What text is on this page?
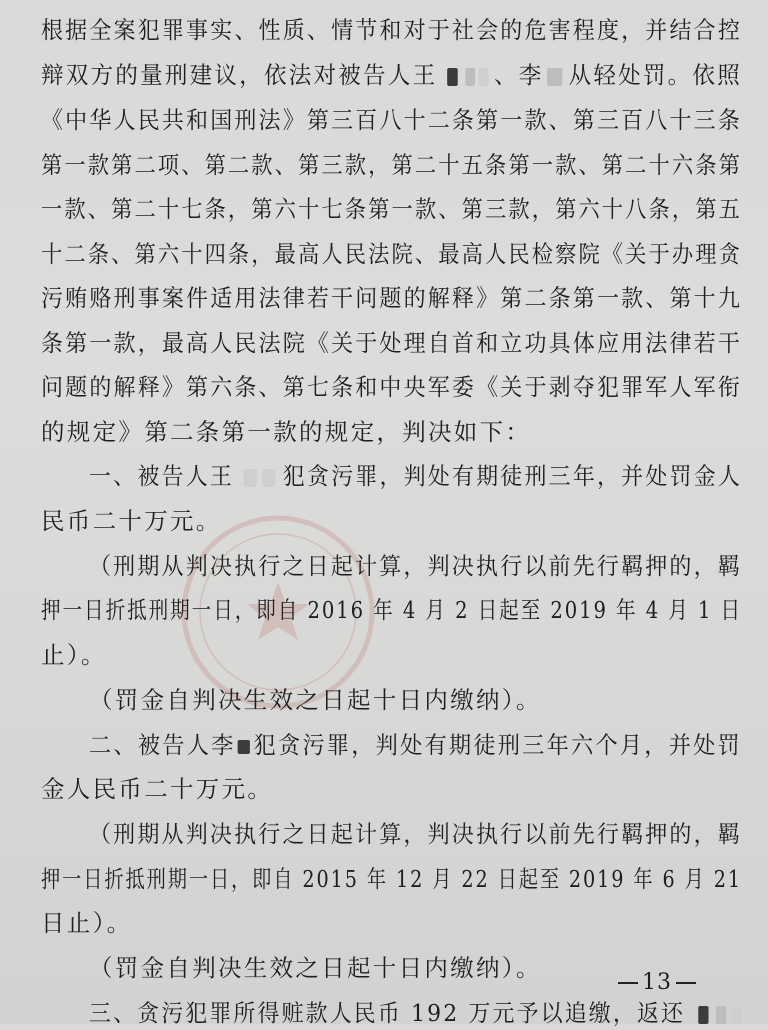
根据全案犯罪事实、性质、情节和对于社会的危害程度，并结合控
辩双方的量刑建议，依法对被告人王 、李 从轻处罚。依照
《中华人民共和国刑法》第三百八十二条第一款、第三百八十三条
第一款第二项、第二款、第三款，第二十五条第一款、第二十六条第
一款、第二十七条，第六十七条第一款、第三款，第六十八条，第五
十二条、第六十四条，最高人民法院、最高人民检察院《关于办理贪
污贿赂刑事案件适用法律若干问题的解释》第二条第一款、第十九
条第一款，最高人民法院《关于处理自首和立功具体应用法律若干
问题的解释》第六条、第七条和中央军委《关于剥夺犯罪军人军衔
的规定》第二条第一款的规定，判决如下：
一、被告人王 犯贪污罪，判处有期徒刑三年，并处罚金人
民币二十万元。
（刑期从判决执行之日起计算，判决执行以前先行羁押的，羁
押一日折抵刑期一日，即自 2016 年 4 月 2 日起至 2019 年 4 月 1 日
止）。
（罚金自判决生效之日起十日内缴纳）。
二、被告人李 犯贪污罪，判处有期徒刑三年六个月，并处罚
金人民币二十万元。
（刑期从判决执行之日起计算，判决执行以前先行羁押的，羁
押一日折抵刑期一日，即自 2015 年 12 月 22 日起至 2019 年 6 月 21
日止）。
（罚金自判决生效之日起十日内缴纳）。
三、贪污犯罪所得赃款人民币 192 万元予以追缴，返还
13
